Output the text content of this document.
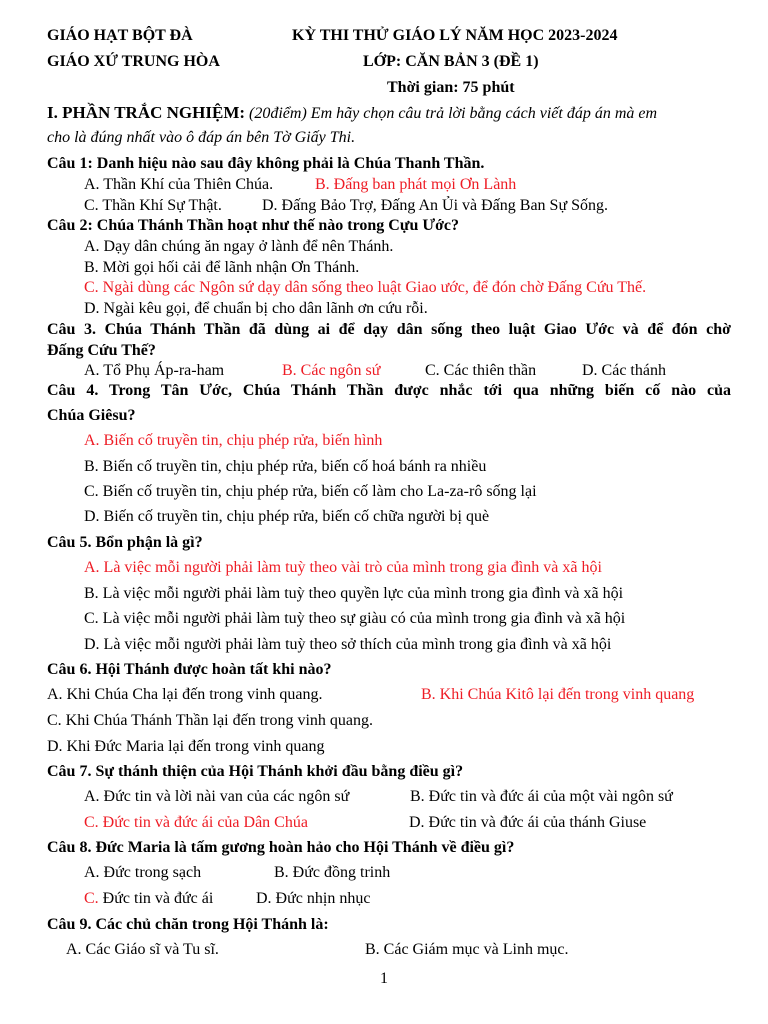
GIÁO HẠT BỘT ĐÀ
GIÁO XỨ TRUNG HÒA
KỲ THI THỬ GIÁO LÝ NĂM HỌC 2023-2024
LỚP: CĂN BẢN 3 (ĐỀ 1)
Thời gian: 75 phút
I. PHẦN TRẮC NGHIỆM: (20điểm) Em hãy chọn câu trả lời bằng cách viết đáp án mà em
cho là đúng nhất vào ô đáp án bên Tờ Giấy Thi.
Câu 1: Danh hiệu nào sau đây không phải là Chúa Thanh Thần.
A. Thần Khí của Thiên Chúa.	B. Đấng ban phát mọi Ơn Lành
C. Thần Khí Sự Thật.	D. Đấng Bảo Trợ, Đấng An Ủi và Đấng Ban Sự Sống.
Câu 2: Chúa Thánh Thần hoạt như thế nào trong Cựu Ước?
A. Dạy dân chúng ăn ngay ở lành để nên Thánh.
B. Mời gọi hối cải để lãnh nhận Ơn Thánh.
C. Ngài dùng các Ngôn sứ dạy dân sống theo luật Giao ước, để đón chờ Đấng Cứu Thế.
D. Ngài kêu gọi, để chuẩn bị cho dân lãnh ơn cứu rỗi.
Câu 3. Chúa Thánh Thần đã dùng ai để dạy dân sống theo luật Giao Ước và để đón chờ
Đấng Cứu Thế?
A. Tổ Phụ Áp-ra-ham	B. Các ngôn sứ	C. Các thiên thần	D. Các thánh
Câu 4. Trong Tân Ước, Chúa Thánh Thần được nhắc tới qua những biến cố nào của
Chúa Giêsu?
A. Biến cố truyền tin, chịu phép rửa, biến hình
B. Biến cố truyền tin, chịu phép rửa, biến cố hoá bánh ra nhiều
C. Biến cố truyền tin, chịu phép rửa, biến cố làm cho La-za-rô sống lại
D. Biến cố truyền tin, chịu phép rửa, biến cố chữa người bị què
Câu 5. Bổn phận là gì?
A. Là việc mỗi người phải làm tuỳ theo vài trò của mình trong gia đình và xã hội
B. Là việc mỗi người phải làm tuỳ theo quyền lực của mình trong gia đình và xã hội
C. Là việc mỗi người phải làm tuỳ theo sự giàu có của mình trong gia đình và xã hội
D. Là việc mỗi người phải làm tuỳ theo sở thích của mình trong gia đình và xã hội
Câu 6. Hội Thánh được hoàn tất khi nào?
A. Khi Chúa Cha lại đến trong vinh quang.	B. Khi Chúa Kitô lại đến trong vinh quang
C. Khi Chúa Thánh Thần lại đến trong vinh quang.
D. Khi Đức Maria lại đến trong vinh quang
Câu 7. Sự thánh thiện của Hội Thánh khởi đầu bằng điều gì?
A. Đức tin và lời nài van của các ngôn sứ	B. Đức tin và đức ái của một vài ngôn sứ
C. Đức tin và đức ái của Dân Chúa	D. Đức tin và đức ái của thánh Giuse
Câu 8. Đức Maria là tấm gương hoàn hảo cho Hội Thánh về điều gì?
A. Đức trong sạch	B. Đức đồng trinh
C. Đức tin và đức ái	D. Đức nhịn nhục
Câu 9. Các chủ chăn trong Hội Thánh là:
A. Các Giáo sĩ và Tu sĩ.	B. Các Giám mục và Linh mục.
1
